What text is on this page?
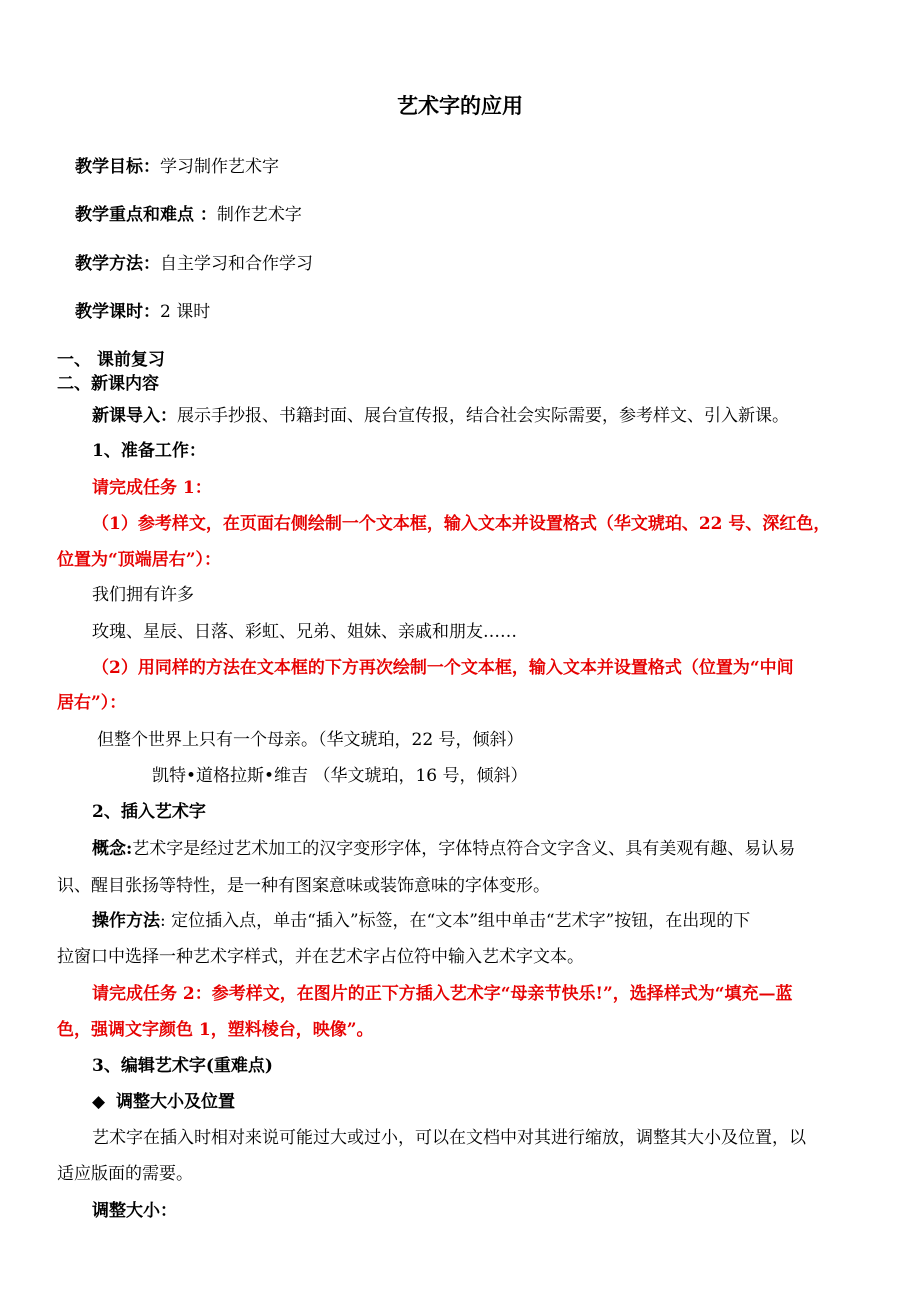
艺术字的应用
教学目标：学习制作艺术字
教学重点和难点 ：制作艺术字
教学方法：自主学习和合作学习
教学课时：2 课时
一、 课前复习
二、新课内容
新课导入：展示手抄报、书籍封面、展台宣传报，结合社会实际需要，参考样文、引入新课。
1、准备工作：
请完成任务 1：
（1）参考样文，在页面右侧绘制一个文本框，输入文本并设置格式（华文琥珀、22 号、深红色，
位置为“顶端居右”）：
我们拥有许多
玫瑰、星辰、日落、彩虹、兄弟、姐妹、亲戚和朋友……
（2）用同样的方法在文本框的下方再次绘制一个文本框，输入文本并设置格式（位置为“中间
居右”）：
但整个世界上只有一个母亲。（华文琥珀，22 号，倾斜）
凯特•道格拉斯•维吉 （华文琥珀，16 号，倾斜）
2、插入艺术字
概念:艺术字是经过艺术加工的汉字变形字体，字体特点符合文字含义、具有美观有趣、易认易
识、醒目张扬等特性，是一种有图案意味或装饰意味的字体变形。
操作方法: 定位插入点，单击“插入”标签，在“文本”组中单击“艺术字”按钮，在出现的下
拉窗口中选择一种艺术字样式，并在艺术字占位符中输入艺术字文本。
请完成任务 2：参考样文，在图片的正下方插入艺术字“母亲节快乐!”，选择样式为“填充—蓝
色，强调文字颜色 1，塑料棱台，映像”。
3、编辑艺术字(重难点)
◆ 调整大小及位置
艺术字在插入时相对来说可能过大或过小，可以在文档中对其进行缩放，调整其大小及位置，以
适应版面的需要。
调整大小：
